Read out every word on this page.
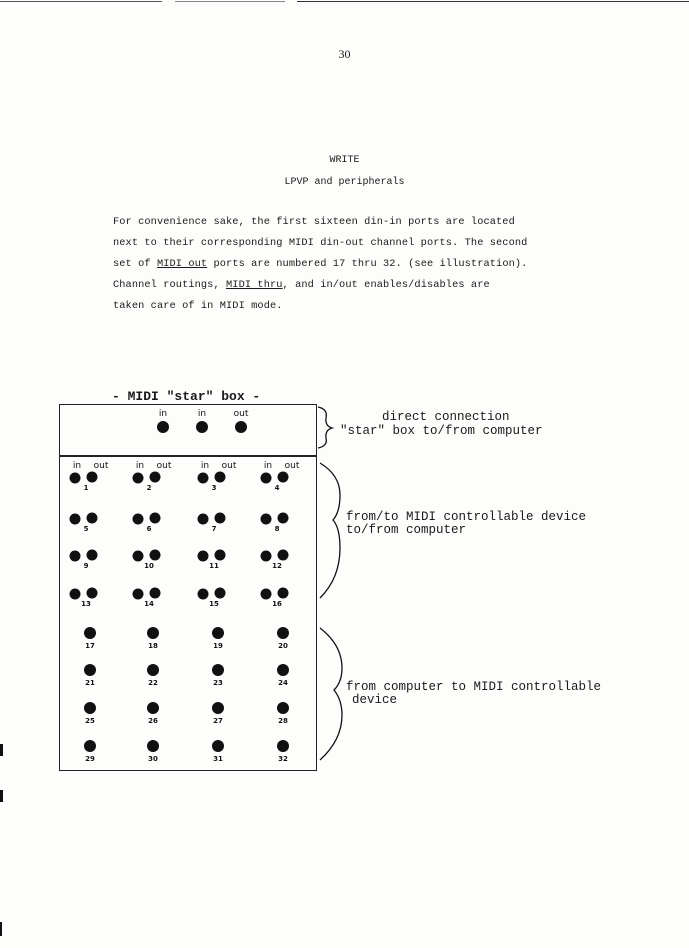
30
WRITE
LPVP and peripherals
For convenience sake, the first sixteen din-in ports are located
next to their corresponding MIDI din-out channel ports. The second
set of MIDI out ports are numbered 17 thru 32. (see illustration).
Channel routings, MIDI thru, and in/out enables/disables are
taken care of in MIDI mode.
- MIDI "star" box -
in	in	out
in out	in out	in out	in out
1	2	3	4
5	6	7	8
9	10	11	12
13	14	15	16
17	18	19	20
21	22	23	24
25	26	27	28
29	30	31	32
direct connection
"star" box to/from computer
from/to MIDI controllable device
to/from computer
from computer to MIDI controllable
device
